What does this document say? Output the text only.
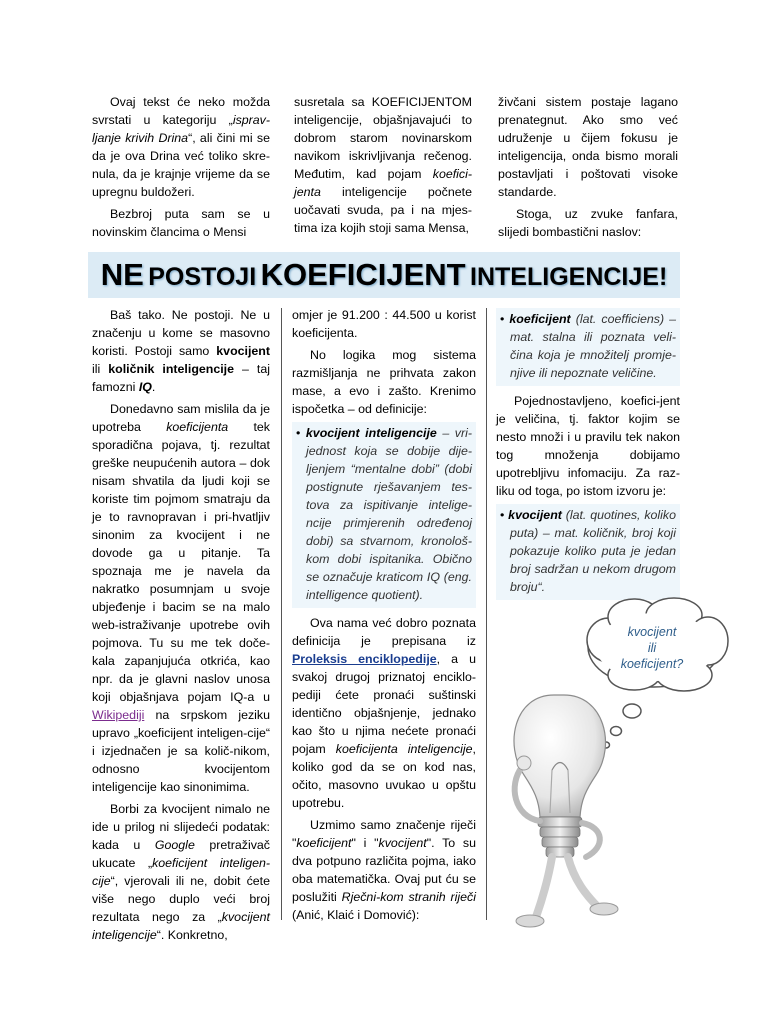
Ovaj tekst će neko možda svrstati u kategoriju „isprav-ljanje krivih Drina“, ali čini mi se da je ova Drina već toliko skre-nula, da je krajnje vrijeme da se upregnu buldožeri.

Bezbroj puta sam se u novinskim člancima o Mensi

susretala sa KOEFICIJENTOM inteligencije, objašnjavajući to dobrom starom novinarskom navikom iskrivljivanja rečenog. Međutim, kad pojam koefici-jenta inteligencije počnete uočavati svuda, pa i na mjes-tima iza kojih stoji sama Mensa,

živčani sistem postaje lagano prenategnut. Ako smo već udruženje u čijem fokusu je inteligencija, onda bismo morali postavljati i poštovati visoke standarde.

Stoga, uz zvuke fanfara, slijedi bombastični naslov:

NE POSTOJI KOEFICIJENT INTELIGENCIJE!

Baš tako. Ne postoji. Ne u značenju u kome se masovno koristi. Postoji samo kvocijent ili količnik inteligencije – taj famozni IQ.

Donedavno sam mislila da je upotreba koeficijenta tek sporadična pojava, tj. rezultat greške neupućenih autora – dok nisam shvatila da ljudi koji se koriste tim pojmom smatraju da je to ravnopravan i pri-hvatljiv sinonim za kvocijent i ne dovode ga u pitanje. Ta spoznaja me je navela da nakratko posumnjam u svoje ubjeđenje i bacim se na malo web-istraživanje upotrebe ovih pojmova. Tu su me tek doče-kala zapanjujuća otkrića, kao npr. da je glavni naslov unosa koji objašnjava pojam IQ-a u Wikipediji na srpskom jeziku upravo „koeficijent inteligen-cije“ i izjednačen je sa količ-nikom, odnosno kvocijentom inteligencije kao sinonimima.

Borbi za kvocijent nimalo ne ide u prilog ni slijedeći podatak: kada u Google pretraživač ukucate „koeficijent inteligen-cije“, vjerovali ili ne, dobit ćete više nego duplo veći broj rezultata nego za „kvocijent inteligencije“. Konkretno,

omjer je 91.200 : 44.500 u korist koeficijenta.

No logika mog sistema razmišljanja ne prihvata zakon mase, a evo i zašto. Krenimo ispočetka – od definicije:

• kvocijent inteligencije – vri-jednost koja se dobije dije-ljenjem “mentalne dobi” (dobi postignute rješavanjem tes-tova za ispitivanje intelige-ncije primjerenih određenoj dobi) sa stvarnom, kronološ-kom dobi ispitanika. Obično se označuje kraticom IQ (eng. intelligence quotient).

Ova nama već dobro poznata definicija je prepisana iz Proleksis enciklopedije, a u svakoj drugoj priznatoj enciklo-pediji ćete pronaći suštinski identično objašnjenje, jednako kao što u njima nećete pronaći pojam koeficijenta inteligencije, koliko god da se on kod nas, očito, masovno uvukao u opštu upotrebu.

Uzmimo samo značenje riječi "koeficijent" i "kvocijent". To su dva potpuno različita pojma, iako oba matematička. Ovaj put ću se poslužiti Rječni-kom stranih riječi (Anić, Klaić i Domović):

• koeficijent (lat. coefficiens) – mat. stalna ili poznata veli-čina koja je množitelj promje-njive ili nepoznate veličine.

Pojednostavljeno, koefici-jent je veličina, tj. faktor kojim se nesto množi i u pravilu tek nakon tog množenja dobijamo upotrebljivu infomaciju. Za raz-liku od toga, po istom izvoru je:

• kvocijent (lat. quotines, koliko puta) – mat. količnik, broj koji pokazuje koliko puta je jedan broj sadržan u nekom drugom broju“.
kvocijent
ili
koeficijent?
